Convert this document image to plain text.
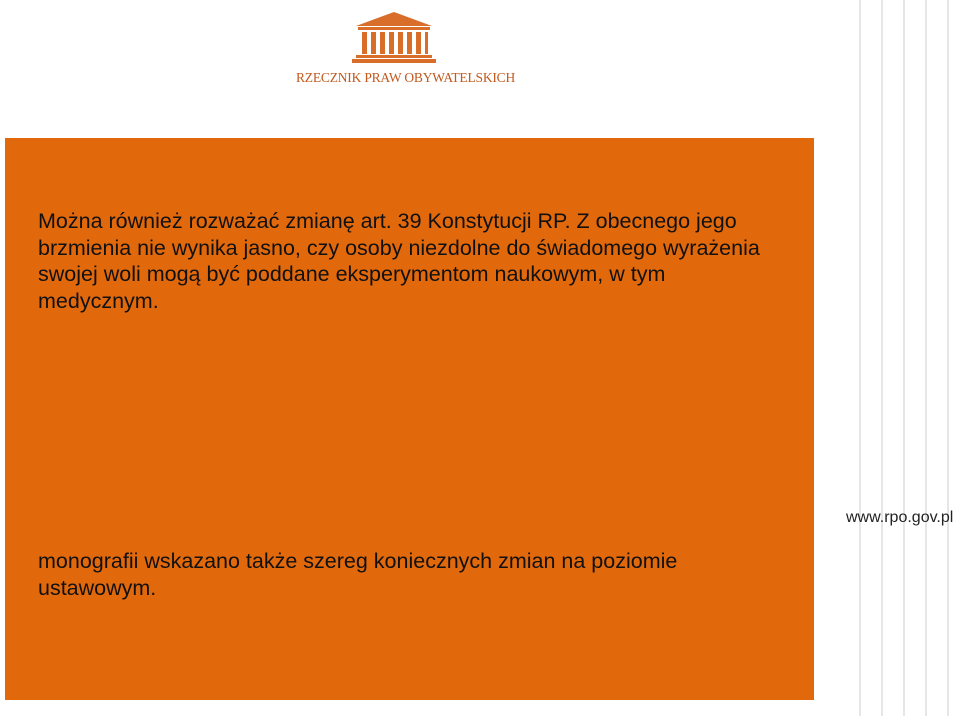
RZECZNIK PRAW OBYWATELSKICH

Można również rozważać zmianę art. 39 Konstytucji RP. Z obecnego jego brzmienia nie wynika jasno, czy osoby niezdolne do świadomego wyrażenia swojej woli mogą być poddane eksperymentom naukowym, w tym medycznym.

monografii wskazano także szereg koniecznych zmian na poziomie ustawowym.

www.rpo.gov.pl
